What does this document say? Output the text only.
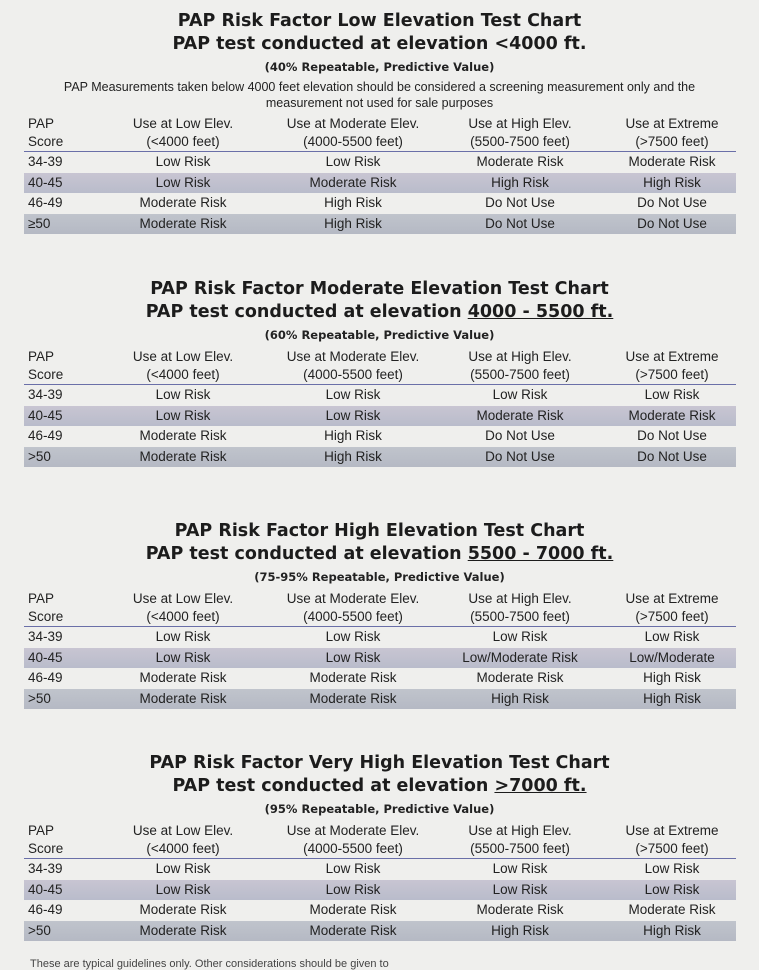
PAP Risk Factor Low Elevation Test Chart
PAP test conducted at elevation <4000 ft.
(40% Repeatable, Predictive Value)
PAP Measurements taken below 4000 feet elevation should be considered a screening measurement only and the measurement not used for sale purposes
PAP	Use at Low Elev.	Use at Moderate Elev.	Use at High Elev.	Use at Extreme
Score	(<4000 feet)	(4000-5500 feet)	(5500-7500 feet)	(>7500 feet)
34-39	Low Risk	Low Risk	Moderate Risk	Moderate Risk
40-45	Low Risk	Moderate Risk	High Risk	High Risk
46-49	Moderate Risk	High Risk	Do Not Use	Do Not Use
≥50	Moderate Risk	High Risk	Do Not Use	Do Not Use
PAP Risk Factor Moderate Elevation Test Chart
PAP test conducted at elevation 4000 - 5500 ft.
(60% Repeatable, Predictive Value)
PAP	Use at Low Elev.	Use at Moderate Elev.	Use at High Elev.	Use at Extreme
Score	(<4000 feet)	(4000-5500 feet)	(5500-7500 feet)	(>7500 feet)
34-39	Low Risk	Low Risk	Low Risk	Low Risk
40-45	Low Risk	Low Risk	Moderate Risk	Moderate Risk
46-49	Moderate Risk	High Risk	Do Not Use	Do Not Use
>50	Moderate Risk	High Risk	Do Not Use	Do Not Use
PAP Risk Factor High Elevation Test Chart
PAP test conducted at elevation 5500 - 7000 ft.
(75-95% Repeatable, Predictive Value)
PAP	Use at Low Elev.	Use at Moderate Elev.	Use at High Elev.	Use at Extreme
Score	(<4000 feet)	(4000-5500 feet)	(5500-7500 feet)	(>7500 feet)
34-39	Low Risk	Low Risk	Low Risk	Low Risk
40-45	Low Risk	Low Risk	Low/Moderate Risk	Low/Moderate
46-49	Moderate Risk	Moderate Risk	Moderate Risk	High Risk
>50	Moderate Risk	Moderate Risk	High Risk	High Risk
PAP Risk Factor Very High Elevation Test Chart
PAP test conducted at elevation >7000 ft.
(95% Repeatable, Predictive Value)
PAP	Use at Low Elev.	Use at Moderate Elev.	Use at High Elev.	Use at Extreme
Score	(<4000 feet)	(4000-5500 feet)	(5500-7500 feet)	(>7500 feet)
34-39	Low Risk	Low Risk	Low Risk	Low Risk
40-45	Low Risk	Low Risk	Low Risk	Low Risk
46-49	Moderate Risk	Moderate Risk	Moderate Risk	Moderate Risk
>50	Moderate Risk	Moderate Risk	High Risk	High Risk
These are typical guidelines only. Other considerations should be given to
